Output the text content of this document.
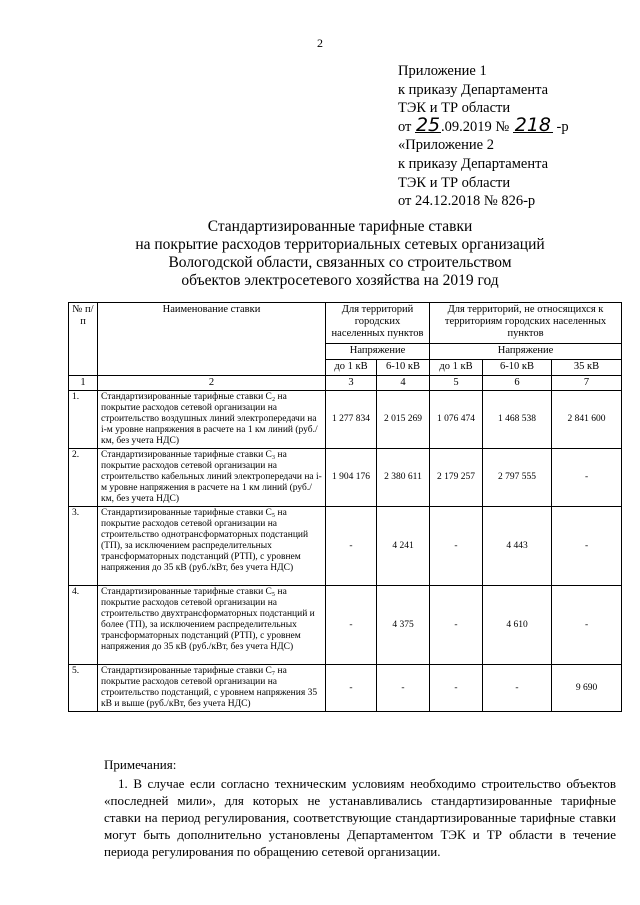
2
Приложение 1
к приказу Департамента
ТЭК и ТР области
от 25.09.2019 № 218 -р
«Приложение 2
к приказу Департамента
ТЭК и ТР области
от 24.12.2018 № 826-р
Стандартизированные тарифные ставки
на покрытие расходов территориальных сетевых организаций
Вологодской области, связанных со строительством
объектов электросетевого хозяйства на 2019 год
№ п/п	Наименование ставки	Для территорий городских населенных пунктов		Для территорий, не относящихся к территориям городских населенных пунктов		
		Напряжение		Напряжение		
		до 1 кВ	6-10 кВ	до 1 кВ	6-10 кВ	35 кВ
1	2	3	4	5	6	7
1.	Стандартизированные тарифные ставки C₂ на покрытие расходов сетевой организации на строительство воздушных линий электропередачи на i-м уровне напряжения в расчете на 1 км линий (руб./км, без учета НДС)	1 277 834	2 015 269	1 076 474	1 468 538	2 841 600
2.	Стандартизированные тарифные ставки C₃ на покрытие расходов сетевой организации на строительство кабельных линий электропередачи на i-м уровне напряжения в расчете на 1 км линий (руб./км, без учета НДС)	1 904 176	2 380 611	2 179 257	2 797 555	-
3.	Стандартизированные тарифные ставки C₅ на покрытие расходов сетевой организации на строительство однотрансформаторных подстанций (ТП), за исключением распределительных трансформаторных подстанций (РТП), с уровнем напряжения до 35 кВ (руб./кВт, без учета НДС)	-	4 241	-	4 443	-
4.	Стандартизированные тарифные ставки C₅ на покрытие расходов сетевой организации на строительство двухтрансформаторных подстанций и более (ТП), за исключением распределительных трансформаторных подстанций (РТП), с уровнем напряжения до 35 кВ (руб./кВт, без учета НДС)	-	4 375	-	4 610	-
5.	Стандартизированные тарифные ставки C₇ на покрытие расходов сетевой организации на строительство подстанций, с уровнем напряжения 35 кВ и выше (руб./кВт, без учета НДС)	-	-	-	-	9 690
Примечания:
1. В случае если согласно техническим условиям необходимо строительство объектов «последней мили», для которых не устанавливались стандартизированные тарифные ставки на период регулирования, соответствующие стандартизированные тарифные ставки могут быть дополнительно установлены Департаментом ТЭК и ТР области в течение периода регулирования по обращению сетевой организации.
